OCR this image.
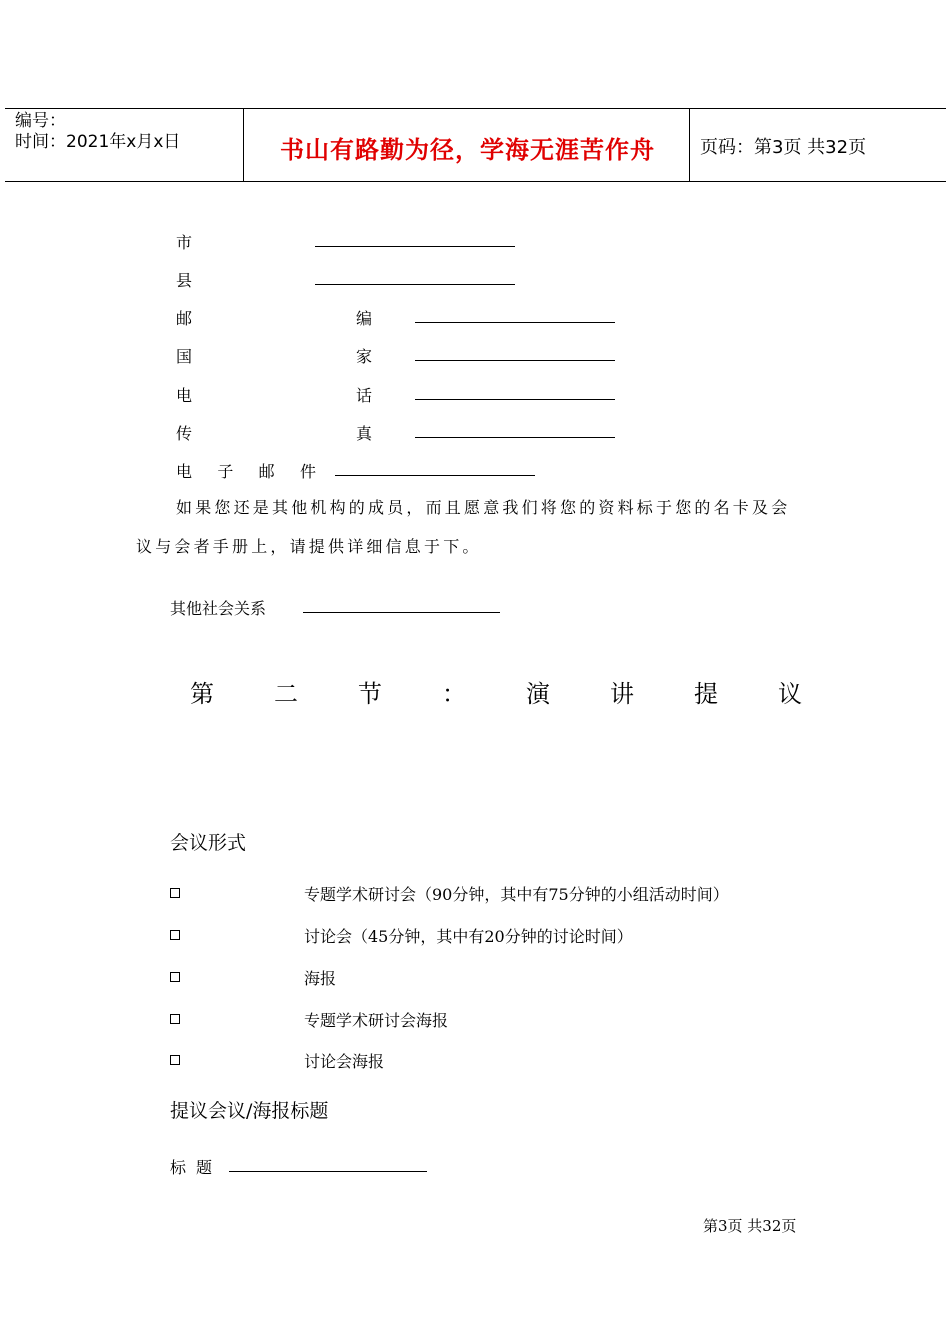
编号：
时间：2021年x月x日	书山有路勤为径，学海无涯苦作舟	页码：第3页 共32页
市
县
邮	编
国	家
电	话
传	真
电 子 邮 件
如果您还是其他机构的成员，而且愿意我们将您的资料标于您的名卡及会
议与会者手册上，请提供详细信息于下。
其他社会关系
第	二	节	：	演	讲	提	议
会议形式
专题学术研讨会（90分钟，其中有75分钟的小组活动时间）
讨论会（45分钟，其中有20分钟的讨论时间）
海报
专题学术研讨会海报
讨论会海报
提议会议/海报标题
标 题
第3页 共32页
